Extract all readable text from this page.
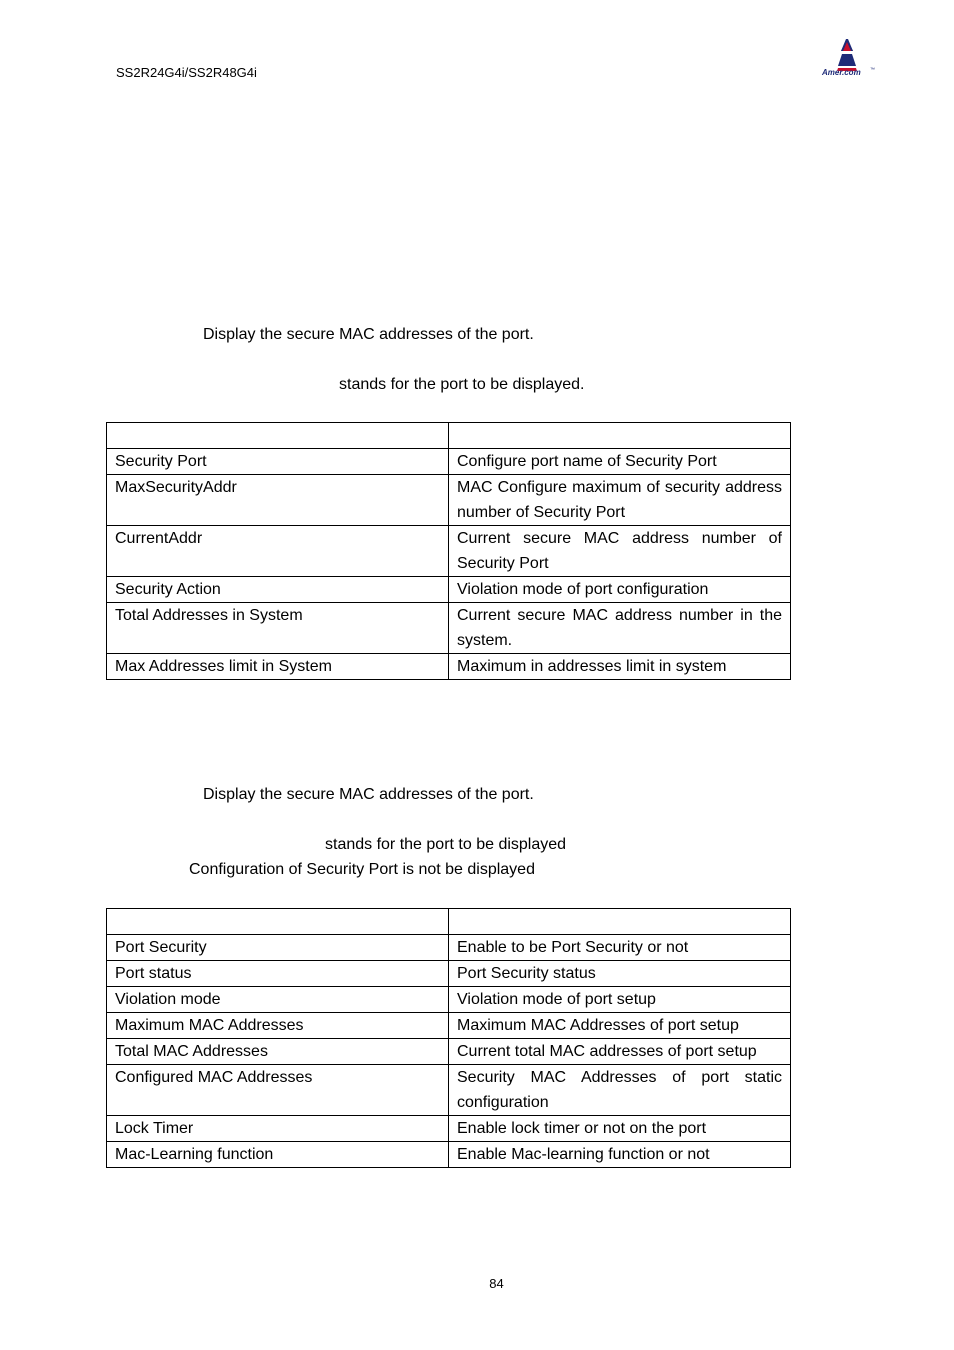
SS2R24G4i/SS2R48G4i	Amer.com ™
Display the secure MAC addresses of the port.
stands for the port to be displayed.

Security Port	Configure port name of Security Port
MaxSecurityAddr	MAC Configure maximum of security address number of Security Port
CurrentAddr	Current secure MAC address number of Security Port
Security Action	Violation mode of port configuration
Total Addresses in System	Current secure MAC address number in the system.
Max Addresses limit in System	Maximum in addresses limit in system
Display the secure MAC addresses of the port.
stands for the port to be displayed
Configuration of Security Port is not be displayed

Port Security	Enable to be Port Security or not
Port status	Port Security status
Violation mode	Violation mode of port setup
Maximum MAC Addresses	Maximum MAC Addresses of port setup
Total MAC Addresses	Current total MAC addresses of port setup
Configured MAC Addresses	Security MAC Addresses of port static configuration
Lock Timer	Enable lock timer or not on the port
Mac-Learning function	Enable Mac-learning function or not
84
